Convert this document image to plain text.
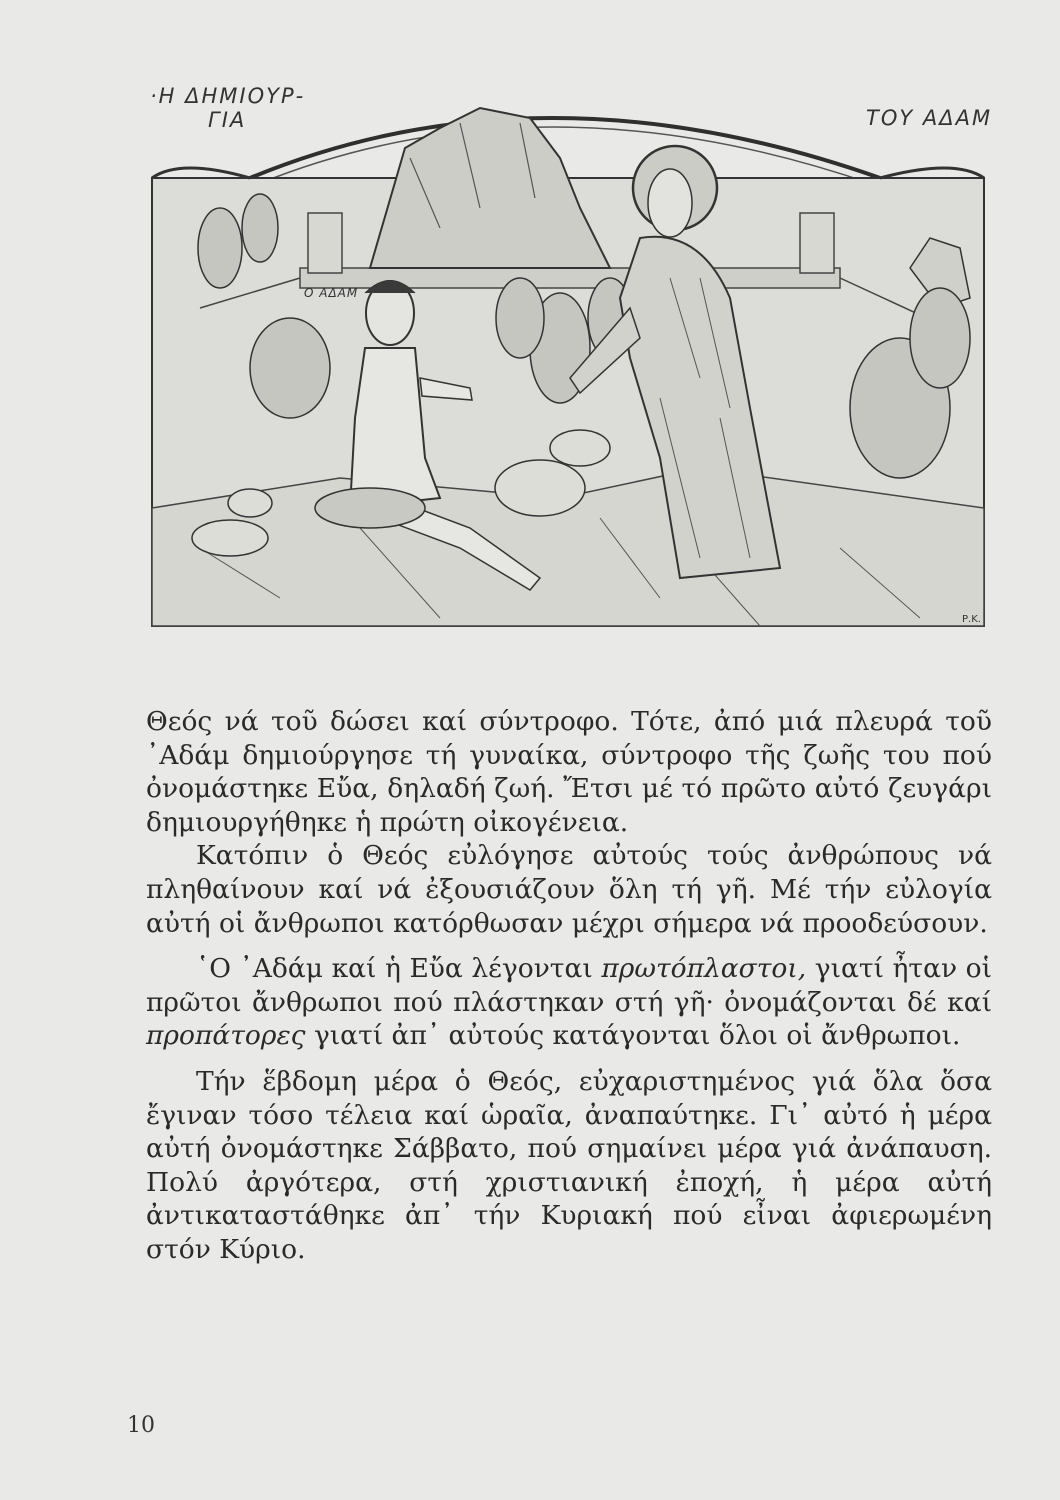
·Η ΔΗΜΙΟΥΡ-
ΓΙΑ	ΤΟΥ ΑΔΑΜ
Ο ΑΔΑΜ
Ρ.Κ.

Θεός νά τοῦ δώσει καί σύντροφο. Τότε, ἀπό μιά πλευρά τοῦ ᾿Αδάμ δημιούργησε τή γυναίκα, σύντροφο τῆς ζωῆς του πού ὀνομάστηκε Εὔα, δηλαδή ζωή. Ἔτσι μέ τό πρῶτο αὐτό ζευγάρι δημιουργήθηκε ἡ πρώτη οἰκογένεια.

Κατόπιν ὁ Θεός εὐλόγησε αὐτούς τούς ἀνθρώπους νά πληθαίνουν καί νά ἐξουσιάζουν ὅλη τή γῆ. Μέ τήν εὐλογία αὐτή οἱ ἄνθρωποι κατόρθωσαν μέχρι σήμερα νά προοδεύσουν.

῾Ο ᾿Αδάμ καί ἡ Εὔα λέγονται πρωτόπλαστοι, γιατί ἦταν οἱ πρῶτοι ἄνθρωποι πού πλάστηκαν στή γῆ· ὀνομάζονται δέ καί προπάτορες γιατί ἀπ᾿ αὐτούς κατάγονται ὅλοι οἱ ἄνθρωποι.

Τήν ἕβδομη μέρα ὁ Θεός, εὐχαριστημένος γιά ὅλα ὅσα ἔγιναν τόσο τέλεια καί ὡραῖα, ἀναπαύτηκε. Γι᾿ αὐτό ἡ μέρα αὐτή ὀνομάστηκε Σάββατο, πού σημαίνει μέρα γιά ἀνάπαυση. Πολύ ἀργότερα, στή χριστιανική ἐποχή, ἡ μέρα αὐτή ἀντικαταστάθηκε ἀπ᾿ τήν Κυριακή πού εἶναι ἀφιερωμένη στόν Κύριο.

10
